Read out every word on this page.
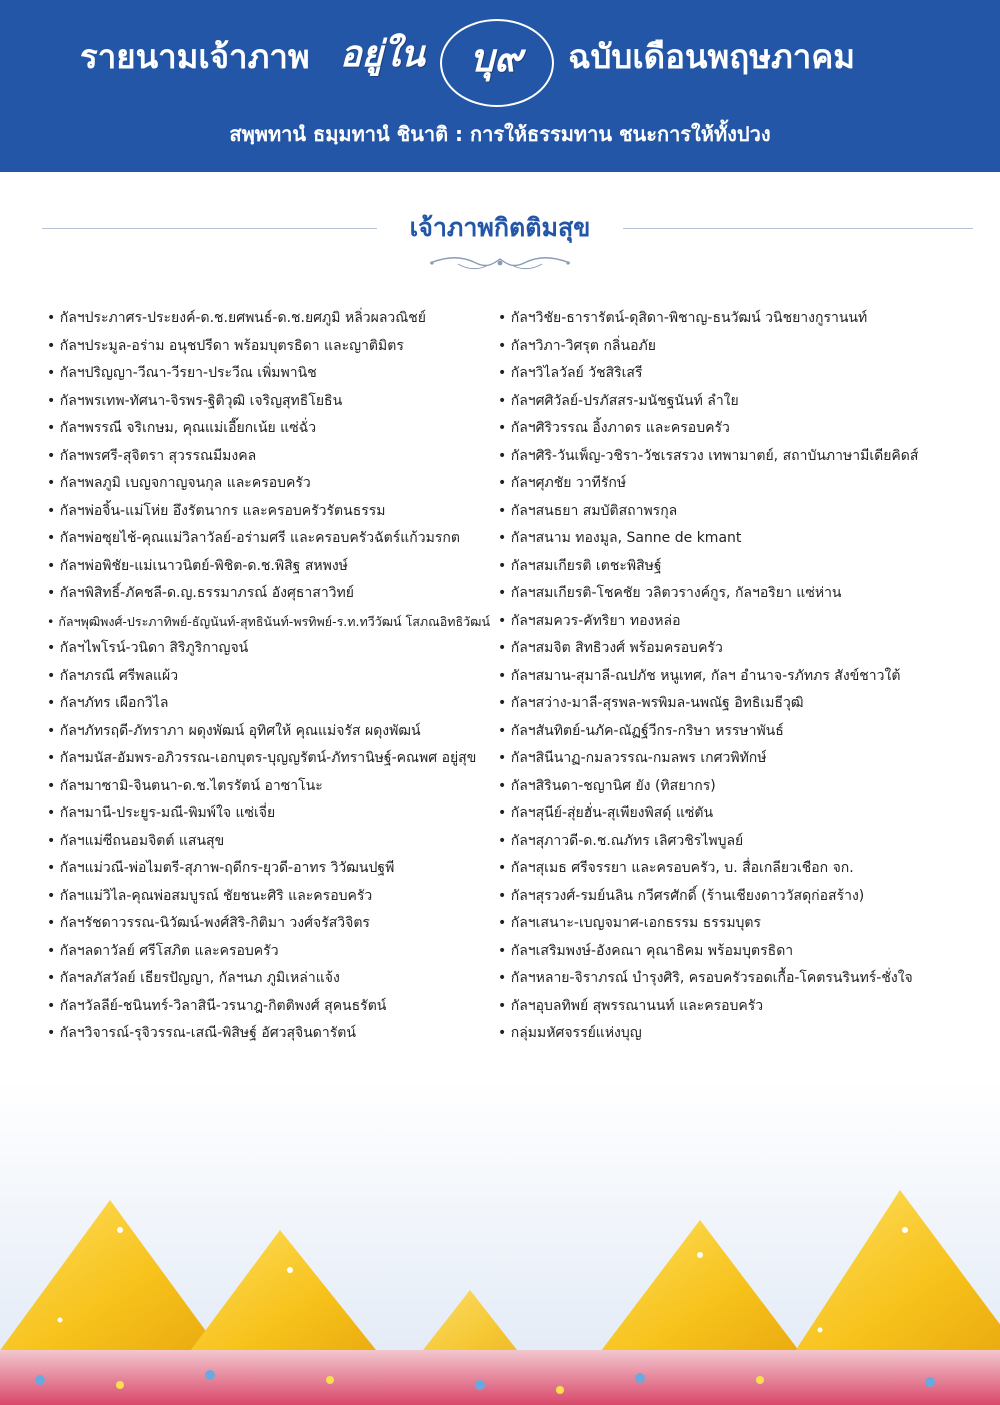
รายนามเจ้าภาพ อยู่ใน	บุ๙	ฉบับเดือนพฤษภาคม
สพฺพทานํ ธมฺมทานํ ชินาติ : การให้ธรรมทาน ชนะการให้ทั้งปวง
เจ้าภาพกิตติมสุข
• กัลฯประภาศร-ประยงค์-ด.ช.ยศพนธ์-ด.ช.ยศภูมิ หลิ่วผลวณิชย์
• กัลฯประมูล-อร่าม อนุชปรีดา พร้อมบุตรธิดา และญาติมิตร
• กัลฯปริญญา-วีณา-วีรยา-ประวีณ เพิ่มพานิช
• กัลฯพรเทพ-ทัศนา-จิรพร-ฐิติวุฒิ เจริญสุทธิโยธิน
• กัลฯพรรณี จริเกษม, คุณแม่เอี๊ยกเน้ย แซ่ฉั่ว
• กัลฯพรศรี-สุจิตรา สุวรรณมีมงคล
• กัลฯพลภูมิ เบญจกาญจนกุล และครอบครัว
• กัลฯพ่อจิ้น-แม่โห่ย อึงรัตนากร และครอบครัวรัตนธรรม
• กัลฯพ่อซุยไช้-คุณแม่วิลาวัลย์-อร่ามศรี และครอบครัวฉัตร์แก้วมรกต
• กัลฯพ่อพิชัย-แม่เนาวนิตย์-พิชิต-ด.ช.พิสิฐ สหพงษ์
• กัลฯพิสิทธิ์-ภัคชลี-ด.ญ.ธรรมาภรณ์ อังศุธาสาวิทย์
• กัลฯพุฒิพงศ์-ประภาทิพย์-ธัญนันท์-สุทธินันท์-พรทิพย์-ร.ท.ทวีวัฒน์ โสภณอิทธิวัฒน์
• กัลฯไพโรน์-วนิดา สิริภูริกาญจน์
• กัลฯภรณี ศรีพลแผ้ว
• กัลฯภัทร เผือกวิไล
• กัลฯภัทรฤดี-ภัทราภา ผดุงพัฒน์ อุทิศให้ คุณแม่จรัส ผดุงพัฒน์
• กัลฯมนัส-อัมพร-อภิวรรณ-เอกบุตร-บุญญรัตน์-ภัทรานิษฐ์-คณพศ อยู่สุข
• กัลฯมาซามิ-จินตนา-ด.ช.ไตรรัตน์ อาซาโนะ
• กัลฯมานี-ประยูร-มณี-พิมพ์ใจ แซ่เจี่ย
• กัลฯแม่ซีถนอมจิตต์ แสนสุข
• กัลฯแม่วณี-พ่อไมตรี-สุภาพ-ฤดีกร-ยุวดี-อาทร วิวัฒนปฐพี
• กัลฯแม่วิไล-คุณพ่อสมบูรณ์ ชัยชนะศิริ และครอบครัว
• กัลฯรัชดาวรรณ-นิวัฒน์-พงศ์สิริ-กิติมา วงศ์จรัสวิจิตร
• กัลฯลดาวัลย์ ศรีโสภิต และครอบครัว
• กัลฯลภัสวัลย์ เธียรปัญญา, กัลฯนภ ภูมิเหล่าแจ้ง
• กัลฯวัลลีย์-ชนินทร์-วิลาสินี-วรนาฎ-กิตติพงศ์ สุคนธรัตน์
• กัลฯวิจารณ์-รุจิวรรณ-เสณี-พิสิษฐ์ อัศวสุจินดารัตน์
• กัลฯวิชัย-ธารารัตน์-ดุสิดา-พิชาญ-ธนวัฒน์ วนิชยางกูรานนท์
• กัลฯวิภา-วิศรุต กลิ่นอภัย
• กัลฯวิไลวัลย์ วัชสิริเสรี
• กัลฯศศิวัลย์-ปรภัสสร-มนัชฐนันท์ ลำใย
• กัลฯศิริวรรณ อิ้งภาดร และครอบครัว
• กัลฯศิริ-วันเพ็ญ-วชิรา-วัชเรสรวง เทพามาตย์, สถาบันภาษามีเดียคิดส์
• กัลฯศุภชัย วาทีรักษ์
• กัลฯสนธยา สมบัติสถาพรกุล
• กัลฯสนาม ทองมูล, Sanne de kmant
• กัลฯสมเกียรติ เตชะพิสิษฐ์
• กัลฯสมเกียรติ-โชคชัย วลิตวรางค์กูร, กัลฯอริยา แซ่ห่าน
• กัลฯสมควร-คัทริยา ทองหล่อ
• กัลฯสมจิต สิทธิวงศ์ พร้อมครอบครัว
• กัลฯสมาน-สุมาลี-ณปภัช หนูเทศ, กัลฯ อำนาจ-รภัทภร สังข์ชาวใต้
• กัลฯสว่าง-มาลี-สุรพล-พรพิมล-นพณัฐ อิทธิเมธีวุฒิ
• กัลฯสันทิตย์-นภัค-ณัฏฐ์วีกร-กริษา หรรษาพันธ์
• กัลฯสินีนาฏ-กมลวรรณ-กมลพร เกศวพิทักษ์
• กัลฯสิรินดา-ชญานิศ ยัง (ทิสยากร)
• กัลฯสุนีย์-สุ่ยฮั่น-สุเพียงพิสดุ์ แซ่ตัน
• กัลฯสุภาวดี-ด.ช.ณภัทร เลิศวชิรไพบูลย์
• กัลฯสุเมธ ศรีจรรยา และครอบครัว, บ. สื่อเกลียวเชือก จก.
• กัลฯสุรวงศ์-รมย์นลิน กวีศรศักดิ์ (ร้านเชียงดาววัสดุก่อสร้าง)
• กัลฯเสนาะ-เบญจมาศ-เอกธรรม ธรรมบุตร
• กัลฯเสริมพงษ์-อังคณา คุณาธิคม พร้อมบุตรธิดา
• กัลฯหลาย-จิราภรณ์ บำรุงศิริ, ครอบครัวรอดเกื้อ-โคตรนรินทร์-ชั่งใจ
• กัลฯอุบลทิพย์ สุพรรณานนท์ และครอบครัว
• กลุ่มมหัศจรรย์แห่งบุญ
